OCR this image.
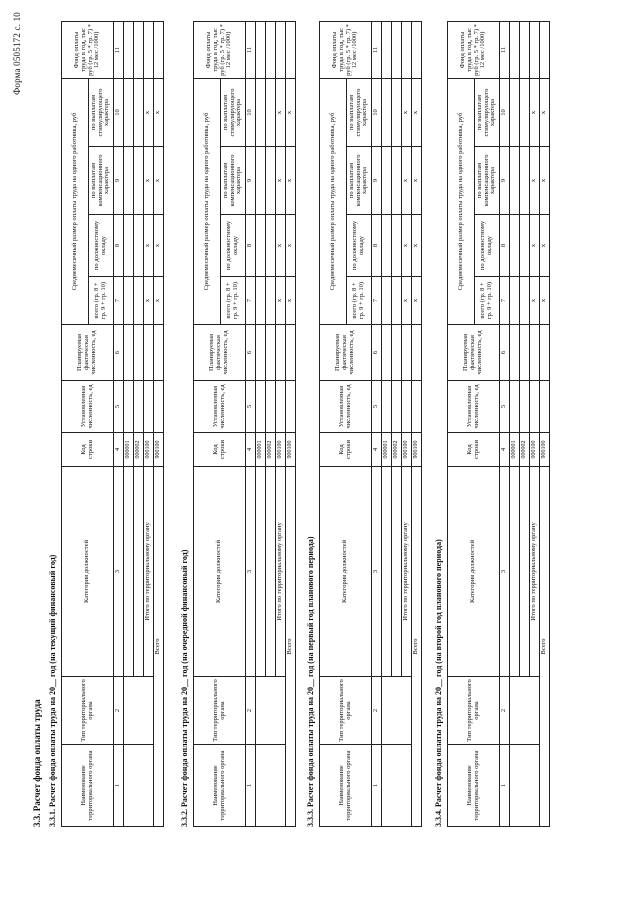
Форма 0505172 с. 10
3.3. Расчет фонда оплаты труда 3.3.1. Расчет фонда оплаты труда на 20__ год (на текущий финансовый год)	Наименование территориального органа	Тип территориального органа	Категория должностей	Код строки	Установленная численность, ед	Планируемая фактическая численность, ед	Среднемесячный размер оплаты труда на одного работника, руб				Фонд оплаты труда в год, тыс руб (гр. 5 * гр. 7) * 12 мес /1000)
						всего (гр. 8 + гр. 9 + гр. 10)	по должностному окладу	по выплатам компенсационного характера	по выплатам стимулирующего характера	
1	2	3	4	5	6	7	8	9	10	11
			000001							
			000002							
		Итого по территориальному органу	000100			x	x	x	x	
Всего			900100			x	x	x	x	
3.3.2. Расчет фонда оплаты труда на 20__ год (на очередной финансовый год)	Наименование территориального органа	Тип территориального органа	Категория должностей	Код строки	Установленная численность, ед	Планируемая фактическая численность, ед	Среднемесячный размер оплаты труда на одного работника, руб				Фонд оплаты труда в год, тыс руб (гр. 5 * гр. 7) * 12 мес /1000)
						всего (гр. 8 + гр. 9 + гр. 10)	по должностному окладу	по выплатам компенсационного характера	по выплатам стимулирующего характера	
1	2	3	4	5	6	7	8	9	10	11
			000001							
			000002							
		Итого по территориальному органу	000100			x	x	x	x	
Всего			900100			x	x	x	x	
3.3.3. Расчет фонда оплаты труда на 20__ год (на первый год планового периода)	Наименование территориального органа	Тип территориального органа	Категория должностей	Код строки	Установленная численность, ед	Планируемая фактическая численность, ед	Среднемесячный размер оплаты труда на одного работника, руб				Фонд оплаты труда в год, тыс руб (гр. 5 * гр. 7) * 12 мес /1000)
						всего (гр. 8 + гр. 9 + гр. 10)	по должностному окладу	по выплатам компенсационного характера	по выплатам стимулирующего характера	
1	2	3	4	5	6	7	8	9	10	11
			000001							
			000002							
		Итого по территориальному органу	000100			x	x	x	x	
Всего			900100			x	x	x	x	
3.3.4. Расчет фонда оплаты труда на 20__ год (на второй год планового периода)	Наименование территориального органа	Тип территориального органа	Категория должностей	Код строки	Установленная численность, ед	Планируемая фактическая численность, ед	Среднемесячный размер оплаты труда на одного работника, руб				Фонд оплаты труда в год, тыс руб (гр. 5 * гр. 7) * 12 мес /1000)
						всего (гр. 8 + гр. 9 + гр. 10)	по должностному окладу	по выплатам компенсационного характера	по выплатам стимулирующего характера	
1	2	3	4	5	6	7	8	9	10	11
			000001							
			000002							
		Итого по территориальному органу	000100			x	x	x	x	
Всего			900100			x	x	x	x	
